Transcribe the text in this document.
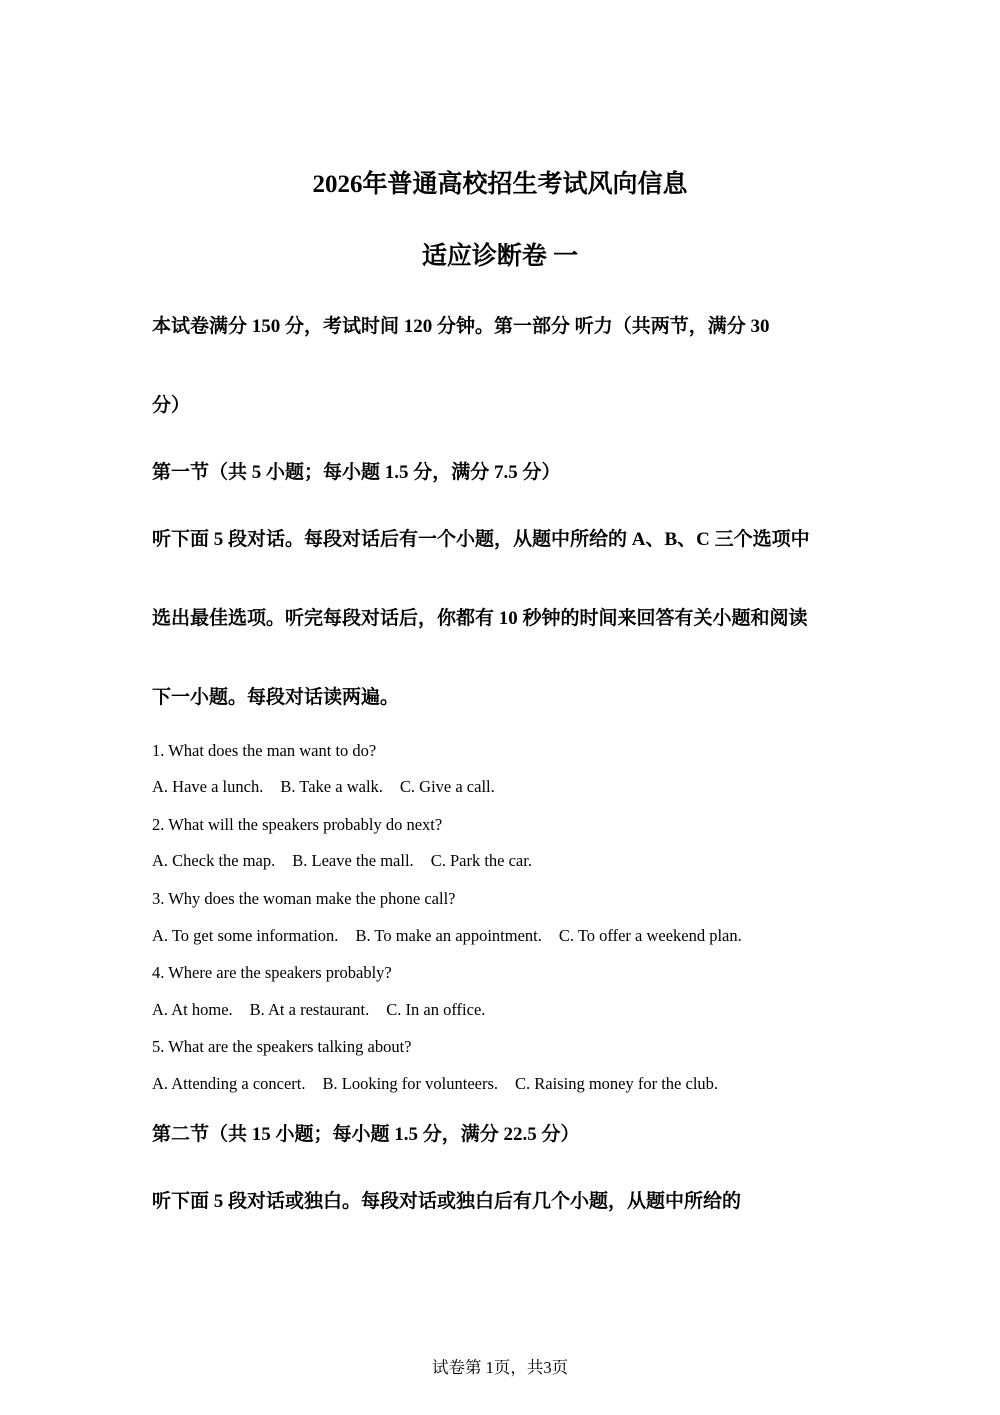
2026年普通高校招生考试风向信息
适应诊断卷 一
本试卷满分 150 分，考试时间 120 分钟。第一部分 听力（共两节，满分 30
分）
第一节（共 5 小题；每小题 1.5 分，满分 7.5 分）
听下面 5 段对话。每段对话后有一个小题，从题中所给的 A、B、C 三个选项中
选出最佳选项。听完每段对话后，你都有 10 秒钟的时间来回答有关小题和阅读
下一小题。每段对话读两遍。
1. What does the man want to do?
A. Have a lunch. B. Take a walk. C. Give a call.
2. What will the speakers probably do next?
A. Check the map. B. Leave the mall. C. Park the car.
3. Why does the woman make the phone call?
A. To get some information. B. To make an appointment. C. To offer a weekend plan.
4. Where are the speakers probably?
A. At home. B. At a restaurant. C. In an office.
5. What are the speakers talking about?
A. Attending a concert. B. Looking for volunteers. C. Raising money for the club.
第二节（共 15 小题；每小题 1.5 分，满分 22.5 分）
听下面 5 段对话或独白。每段对话或独白后有几个小题，从题中所给的
试卷第 1页，共3页
